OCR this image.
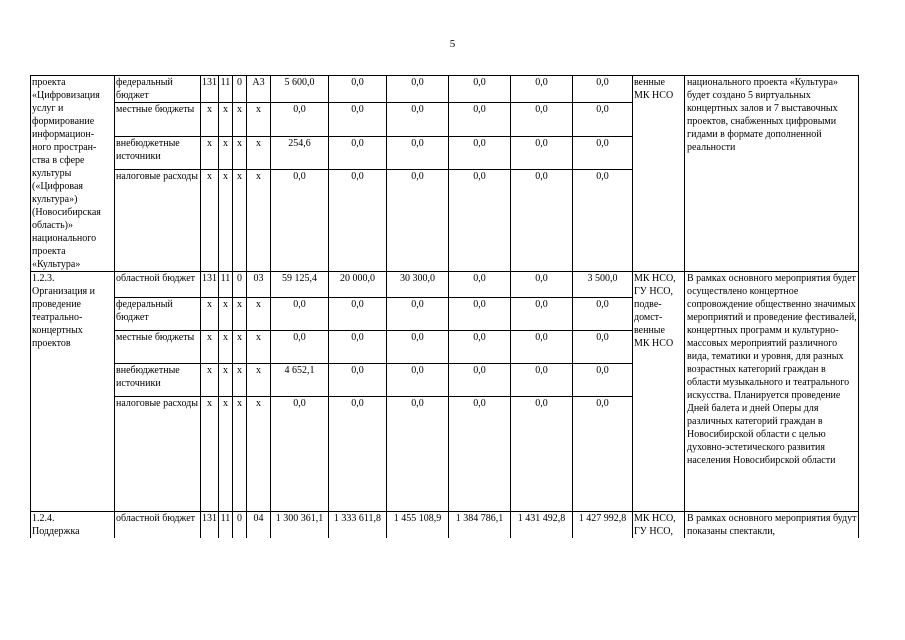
5
проекта «Цифровизация услуг и формирование информацион-ного простран-ства в сфере культуры («Цифровая культура») (Новосибирская область)» национального проекта «Культура»	федеральный бюджет	131	11	0	А3	5 600,0	0,0	0,0	0,0	0,0	0,0	венные МК НСО	национального проекта «Культура» будет создано 5 виртуальных концертных залов и 7 выставочных проектов, снабженных цифровыми гидами в формате дополненной реальности
	местные бюджеты	х	х	х	х	0,0	0,0	0,0	0,0	0,0	0,0		
	внебюджетные источники	х	х	х	х	254,6	0,0	0,0	0,0	0,0	0,0		
	налоговые расходы	х	х	х	х	0,0	0,0	0,0	0,0	0,0	0,0		

1.2.3.
Организация и проведение театрально-концертных проектов	областной бюджет	131	11	0	03	59 125,4	20 000,0	30 300,0	0,0	0,0	3 500,0	МК НСО, ГУ НСО, подве-домст-венные МК НСО	В рамках основного мероприятия будет осуществлено концертное сопровождение общественно значимых мероприятий и проведение фестивалей, концертных программ и культурно-массовых мероприятий различного вида, тематики и уровня, для разных возрастных категорий граждан в области музыкального и театрального искусства. Планируется проведение Дней балета и дней Оперы для различных категорий граждан в Новосибирской области с целью духовно-эстетического развития населения Новосибирской области
	федеральный бюджет	х	х	х	х	0,0	0,0	0,0	0,0	0,0	0,0		
	местные бюджеты	х	х	х	х	0,0	0,0	0,0	0,0	0,0	0,0		
	внебюджетные источники	х	х	х	х	4 652,1	0,0	0,0	0,0	0,0	0,0		
	налоговые расходы	х	х	х	х	0,0	0,0	0,0	0,0	0,0	0,0		

1.2.4.
Поддержка	областной бюджет	131	11	0	04	1 300 361,1	1 333 611,8	1 455 108,9	1 384 786,1	1 431 492,8	1 427 992,8	МК НСО, ГУ НСО,	В рамках основного мероприятия будут показаны спектакли,
